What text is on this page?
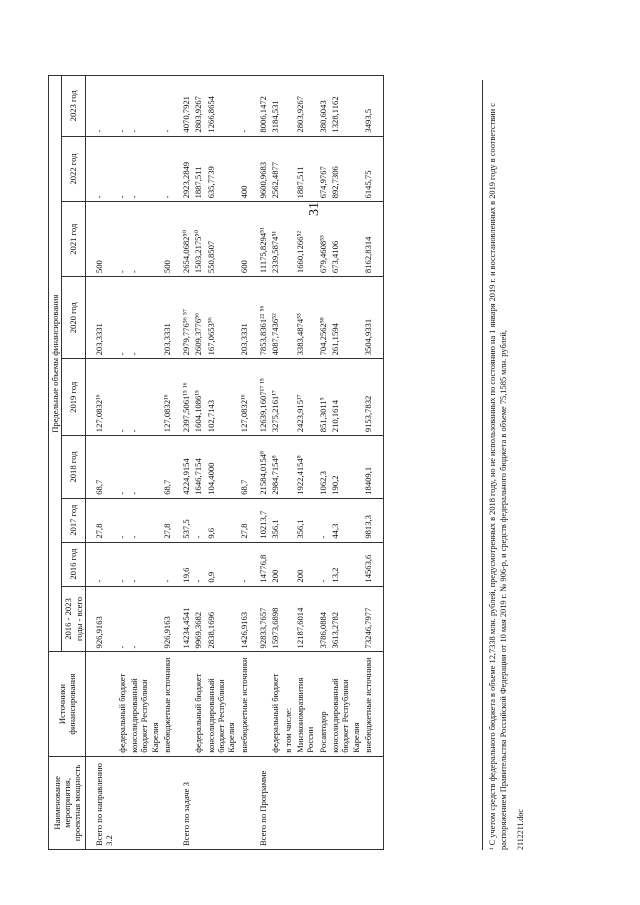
31
Наименование мероприятия, проектная мощность	Источники финансирования	Предельные объемы финансирования								
		2016 - 2023 годы - всего	2016 год	2017 год	2018 год	2019 год	2020 год	2021 год	2022 год	2023 год
Всего по направлению 3.2		926,9163	-	27,8	68,7	127,0832¹⁶	203,3331	500	-	-
	федеральный бюджет	-	-	-	-	-	-	-	-	-
	консолидированный бюджет Республики Карелия	-	-	-	-	-	-	-	-	-
	внебюджетные источники	926,9163	-	27,8	68,7	127,0832¹⁶	203,3331	500	-	-
Всего по задаче 3		14234,4541	19,6	537,5	4224,9154	2397,5061¹⁵ ¹⁶	2979,776⁵⁶ ⁵⁷	2654,0682⁵⁰	2923,2849	4070,7921
	федеральный бюджет	9969,3682	-	-	1646,7154	1604,1086¹⁵	2609,3776⁵⁶	1503,2175⁵⁰	1887,511	2803,9267
	консолидированный бюджет Республики Карелия	2838,1696	0,9	9,6	104,4000	102,7143	167,0653⁵⁶	550,8507	635,7739	1266,8654
	внебюджетные источники	1426,9163	-	27,8	68,7	127,0832¹⁶	203,3331	600	400	-
Всего по Программе		92833,7657	14776,8	10213,7	21584,0154⁸	12639,1607¹⁷ ¹⁵	7853,8361²² ⁵⁶	11175,8294⁵¹	9600,9683	8006,1472
	федеральный бюджет	15973,6898	200	356,1	2984,7154⁸	3275,2161¹⁷	4087,7436⁵²	2339,5874⁵¹	2562,4877	3184,531
	в том числе:									
	Минэкономразвития России	12187,6014	200	356,1	1922,4154⁸	2423,915¹⁷	3383,4874⁵³	1660,1266⁵²	1887,511	2803,9267
	Росавтодор	3786,0884	-	-	1062,3	851,3011⁵	704,2562⁵⁸	679,4608⁵³	674,9767	380,6043
	консолидированный бюджет Республики Карелия	3613,2782	13,2	44,3	190,2	210,1614	261,1594	673,4106	892,7306	1328,1162
	внебюджетные источники	73246,7977	14563,6	9813,3	18409,1	9153,7832	3504,9331	8162,8314	6145,75	3493,5	¹ С учетом средств федерального бюджета в объеме 12,7338 млн. рублей, предусмотренных в 2018 году, но не использованных по состоянию на 1 января 2019 г. и восстановленных в 2019 году в соответствии с распоряжением Правительства Российской Федерации от 10 мая 2019 г. № 906-р, и средств федерального бюджета в объеме 75,1585 млн. рублей, 2112211.doc
